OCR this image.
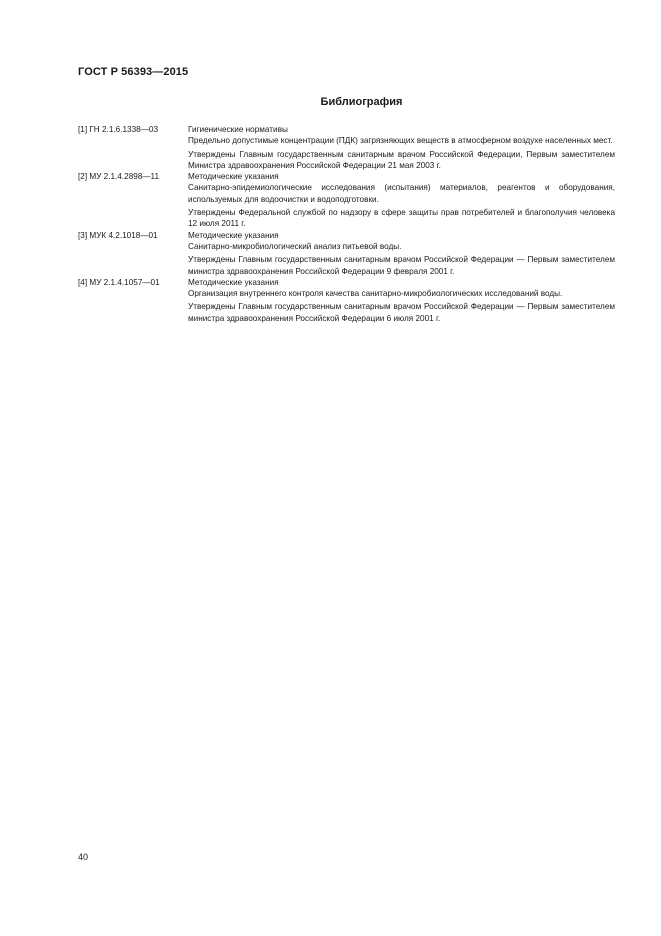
ГОСТ Р 56393—2015
Библиография
[1] ГН 2.1.6.1338—03	Гигиенические нормативы

Предельно допустимые концентрации (ПДК) загрязняющих веществ в атмосферном воздухе населенных мест.

Утверждены Главным государственным санитарным врачом Российской Федерации, Первым заместителем Министра здравоохранения Российской Федерации 21 мая 2003 г.

[2] МУ 2.1.4.2898—11	Методические указания

Санитарно-эпидемиологические исследования (испытания) материалов, реагентов и оборудования, используемых для водоочистки и водоподготовки.

Утверждены Федеральной службой по надзору в сфере защиты прав потребителей и благополучия человека 12 июля 2011 г.

[3] МУК 4.2.1018—01	Методические указания

Санитарно-микробиологический анализ питьевой воды.

Утверждены Главным государственным санитарным врачом Российской Федерации — Первым заместителем министра здравоохранения Российской Федерации 9 февраля 2001 г.

[4] МУ 2.1.4.1057—01	Методические указания

Организация внутреннего контроля качества санитарно-микробиологических исследований воды.

Утверждены Главным государственным санитарным врачом Российской Федерации — Первым заместителем министра здравоохранения Российской Федерации 6 июля 2001 г.

40
